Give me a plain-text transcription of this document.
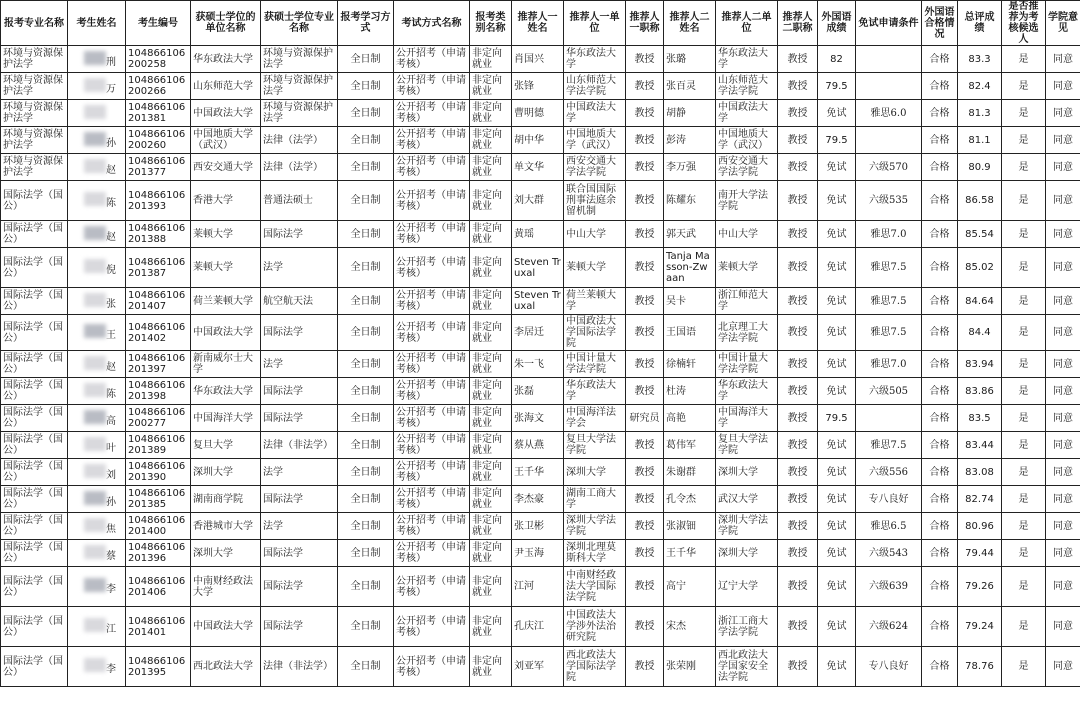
报考专业名称	考生姓名	考生编号	获硕士学位的单位名称	获硕士学位专业名称	报考学习方式	考试方式名称	报考类别名称	推荐人一姓名	推荐人一单位	推荐人一职称	推荐人二姓名	推荐人二单位	推荐人二职称	外国语成绩	免试申请条件	外国语合格情况	总评成绩	是否推荐为考核候选人	学院意见
环境与资源保护法学	刑	104866106200258	华东政法大学	环境与资源保护法学	全日制	公开招考（申请考核）	非定向就业	肖国兴	华东政法大学	教授	张璐	华东政法大学	教授	82		合格	83.3	是	同意
环境与资源保护法学	万	104866106200266	山东师范大学	环境与资源保护法学	全日制	公开招考（申请考核）	非定向就业	张锋	山东师范大学法学院	教授	张百灵	山东师范大学法学院	教授	79.5		合格	82.4	是	同意
环境与资源保护法学		104866106201381	中国政法大学	环境与资源保护法学	全日制	公开招考（申请考核）	非定向就业	曹明德	中国政法大学	教授	胡静	中国政法大学	教授	免试	雅思6.0	合格	81.3	是	同意
环境与资源保护法学	孙	104866106200260	中国地质大学（武汉）	法律（法学）	全日制	公开招考（申请考核）	非定向就业	胡中华	中国地质大学（武汉）	教授	彭涛	中国地质大学（武汉）	教授	79.5		合格	81.1	是	同意
环境与资源保护法学	赵	104866106201377	西安交通大学	法律（法学）	全日制	公开招考（申请考核）	非定向就业	单文华	西安交通大学法学院	教授	李万强	西安交通大学法学院	教授	免试	六级570	合格	80.9	是	同意
国际法学（国公）	陈	104866106201393	香港大学	普通法硕士	全日制	公开招考（申请考核）	非定向就业	刘大群	联合国国际刑事法庭余留机制	教授	陈耀东	南开大学法学院	教授	免试	六级535	合格	86.58	是	同意
国际法学（国公）	赵	104866106201388	莱顿大学	国际法学	全日制	公开招考（申请考核）	非定向就业	黄瑶	中山大学	教授	郭天武	中山大学	教授	免试	雅思7.0	合格	85.54	是	同意
国际法学（国公）	倪	104866106201387	莱顿大学	法学	全日制	公开招考（申请考核）	非定向就业	Steven Truxal	莱顿大学	教授	Tanja Masson-Zwaan	莱顿大学	教授	免试	雅思7.5	合格	85.02	是	同意
国际法学（国公）	张	104866106201407	荷兰莱顿大学	航空航天法	全日制	公开招考（申请考核）	非定向就业	Steven Truxal	荷兰莱顿大学	教授	吴卡	浙江师范大学	教授	免试	雅思7.5	合格	84.64	是	同意
国际法学（国公）	王	104866106201402	中国政法大学	国际法学	全日制	公开招考（申请考核）	非定向就业	李居迁	中国政法大学国际法学院	教授	王国语	北京理工大学法学院	教授	免试	雅思7.5	合格	84.4	是	同意
国际法学（国公）	赵	104866106201397	新南威尔士大学	法学	全日制	公开招考（申请考核）	非定向就业	朱一飞	中国计量大学法学院	教授	徐楠轩	中国计量大学法学院	教授	免试	雅思7.0	合格	83.94	是	同意
国际法学（国公）	陈	104866106201398	华东政法大学	国际法学	全日制	公开招考（申请考核）	非定向就业	张磊	华东政法大学	教授	杜涛	华东政法大学	教授	免试	六级505	合格	83.86	是	同意
国际法学（国公）	高	104866106200277	中国海洋大学	国际法学	全日制	公开招考（申请考核）	非定向就业	张海文	中国海洋法学会	研究员	高艳	中国海洋大学	教授	79.5		合格	83.5	是	同意
国际法学（国公）	叶	104866106201389	复旦大学	法律（非法学）	全日制	公开招考（申请考核）	非定向就业	蔡从燕	复旦大学法学院	教授	葛伟军	复旦大学法学院	教授	免试	雅思7.5	合格	83.44	是	同意
国际法学（国公）	刘	104866106201390	深圳大学	法学	全日制	公开招考（申请考核）	非定向就业	王千华	深圳大学	教授	朱谢群	深圳大学	教授	免试	六级556	合格	83.08	是	同意
国际法学（国公）	孙	104866106201385	湖南商学院	国际法学	全日制	公开招考（申请考核）	非定向就业	李杰豪	湖南工商大学	教授	孔令杰	武汉大学	教授	免试	专八良好	合格	82.74	是	同意
国际法学（国公）	焦	104866106201400	香港城市大学	法学	全日制	公开招考（申请考核）	非定向就业	张卫彬	深圳大学法学院	教授	张淑钿	深圳大学法学院	教授	免试	雅思6.5	合格	80.96	是	同意
国际法学（国公）	蔡	104866106201396	深圳大学	国际法学	全日制	公开招考（申请考核）	非定向就业	尹玉海	深圳北理莫斯科大学	教授	王千华	深圳大学	教授	免试	六级543	合格	79.44	是	同意
国际法学（国公）	李	104866106201406	中南财经政法大学	国际法学	全日制	公开招考（申请考核）	非定向就业	江河	中南财经政法大学国际法学院	教授	高宁	辽宁大学	教授	免试	六级639	合格	79.26	是	同意
国际法学（国公）	江	104866106201401	中国政法大学	国际法学	全日制	公开招考（申请考核）	非定向就业	孔庆江	中国政法大学涉外法治研究院	教授	宋杰	浙江工商大学法学院	教授	免试	六级624	合格	79.24	是	同意
国际法学（国公）	李	104866106201395	西北政法大学	法律（非法学）	全日制	公开招考（申请考核）	非定向就业	刘亚军	西北政法大学国际法学院	教授	张荣刚	西北政法大学国家安全法学院	教授	免试	专八良好	合格	78.76	是	同意
